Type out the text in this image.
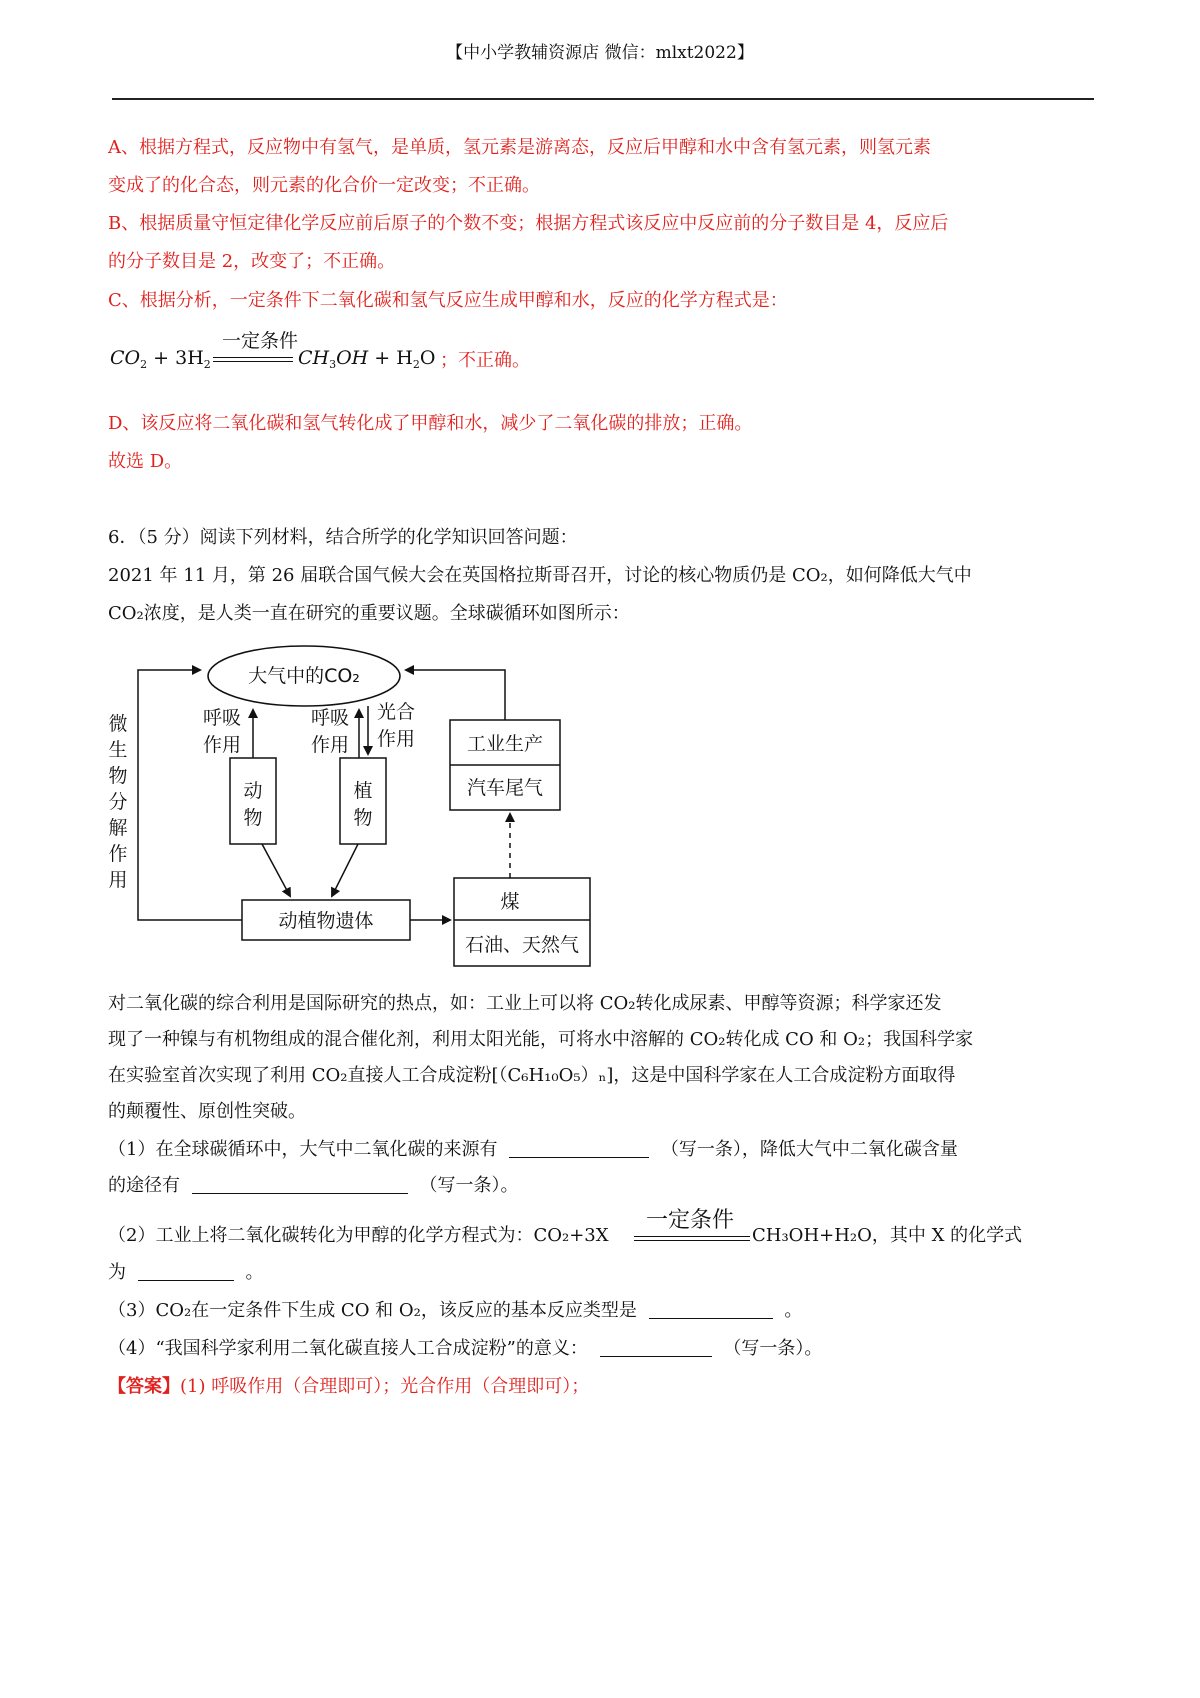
【中小学教辅资源店 微信：mlxt2022】
A、根据方程式，反应物中有氢气，是单质，氢元素是游离态，反应后甲醇和水中含有氢元素，则氢元素
变成了的化合态，则元素的化合价一定改变；不正确。
B、根据质量守恒定律化学反应前后原子的个数不变；根据方程式该反应中反应前的分子数目是 4，反应后
的分子数目是 2，改变了；不正确。
C、根据分析，一定条件下二氧化碳和氢气反应生成甲醇和水，反应的化学方程式是：
一定条件
$CO_2 + 3H_2$	$CH_3OH + H_2O$ ；不正确。
D、该反应将二氧化碳和氢气转化成了甲醇和水，减少了二氧化碳的排放；正确。
故选 D。
6．（5 分）阅读下列材料，结合所学的化学知识回答问题：
2021 年 11 月，第 26 届联合国气候大会在英国格拉斯哥召开，讨论的核心物质仍是 CO₂，如何降低大气中
CO₂浓度，是人类一直在研究的重要议题。全球碳循环如图所示：
大气中的CO₂
微
生
物
分
解
作
用
动
物
呼吸
作用
植
物
呼吸
作用
光合
作用	工业生产
汽车尾气
动植物遗体
煤
石油、天然气
对二氧化碳的综合利用是国际研究的热点，如：工业上可以将 CO₂转化成尿素、甲醇等资源；科学家还发
现了一种镍与有机物组成的混合催化剂，利用太阳光能，可将水中溶解的 CO₂转化成 CO 和 O₂；我国科学家
在实验室首次实现了利用 CO₂直接人工合成淀粉[（C₆H₁₀O₅）ₙ]，这是中国科学家在人工合成淀粉方面取得
的颠覆性、原创性突破。
（1）在全球碳循环中，大气中二氧化碳的来源有	（写一条），降低大气中二氧化碳含量
的途径有	（写一条）。
（2）工业上将二氧化碳转化为甲醇的化学方程式为：CO₂+3X
一定条件
CH₃OH+H₂O，其中 X 的化学式
为	。
（3）CO₂在一定条件下生成 CO 和 O₂，该反应的基本反应类型是	。
（4）“我国科学家利用二氧化碳直接人工合成淀粉”的意义：	（写一条）。
【答案】(1) 呼吸作用（合理即可）；光合作用（合理即可）；
